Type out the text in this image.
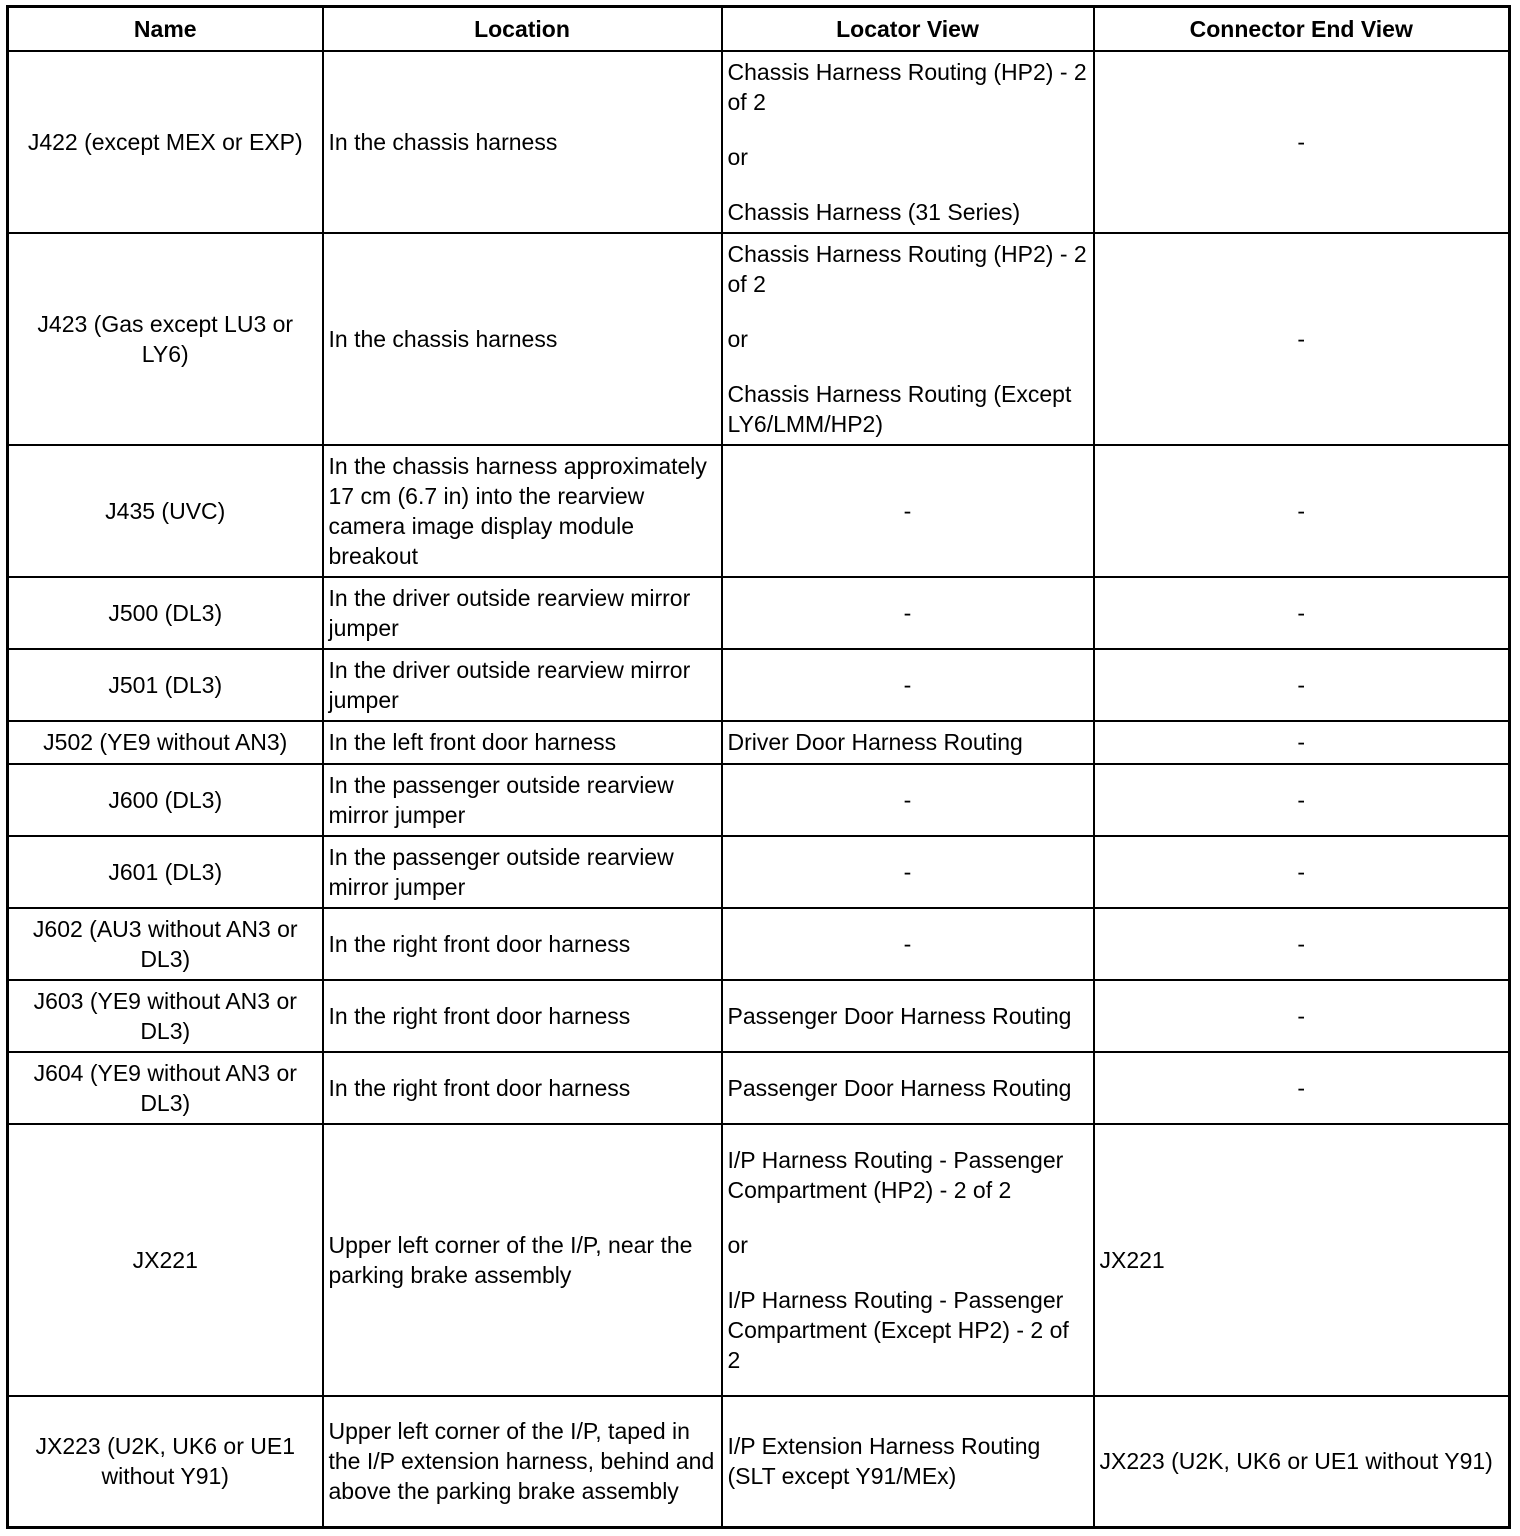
Name	Location	Locator View	Connector End View
J422 (except MEX or EXP)	In the chassis harness	Chassis Harness Routing (HP2) - 2 of 2
or
Chassis Harness (31 Series)	-
J423 (Gas except LU3 or LY6)	In the chassis harness	Chassis Harness Routing (HP2) - 2 of 2
or
Chassis Harness Routing (Except LY6/LMM/HP2)	-
J435 (UVC)	In the chassis harness approximately 17 cm (6.7 in) into the rearview camera image display module breakout	-	-
J500 (DL3)	In the driver outside rearview mirror jumper	-	-
J501 (DL3)	In the driver outside rearview mirror jumper	-	-
J502 (YE9 without AN3)	In the left front door harness	Driver Door Harness Routing	-
J600 (DL3)	In the passenger outside rearview mirror jumper	-	-
J601 (DL3)	In the passenger outside rearview mirror jumper	-	-
J602 (AU3 without AN3 or DL3)	In the right front door harness	-	-
J603 (YE9 without AN3 or DL3)	In the right front door harness	Passenger Door Harness Routing	-
J604 (YE9 without AN3 or DL3)	In the right front door harness	Passenger Door Harness Routing	-
JX221	Upper left corner of the I/P, near the parking brake assembly	I/P Harness Routing - Passenger Compartment (HP2) - 2 of 2
or
I/P Harness Routing - Passenger Compartment (Except HP2) - 2 of 2	JX221
JX223 (U2K, UK6 or UE1 without Y91)	Upper left corner of the I/P, taped in the I/P extension harness, behind and above the parking brake assembly	I/P Extension Harness Routing (SLT except Y91/MEx)	JX223 (U2K, UK6 or UE1 without Y91)
